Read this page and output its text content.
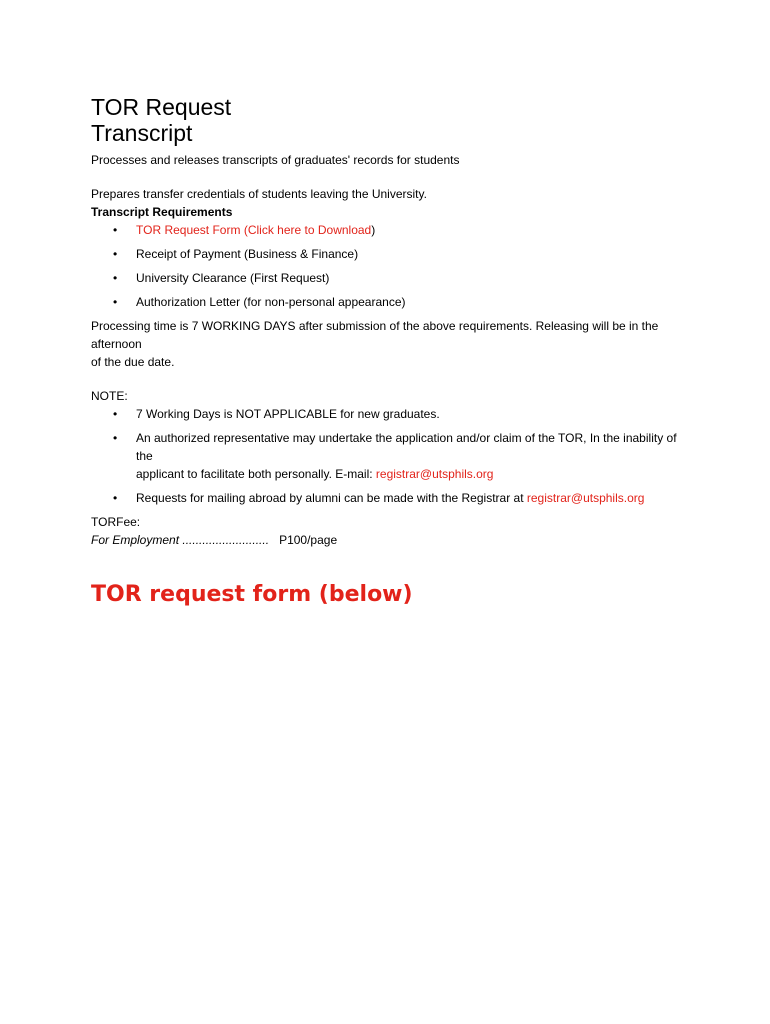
TOR Request
Transcript

Processes and releases transcripts of graduates' records for students

Prepares transfer credentials of students leaving the University.

Transcript Requirements

• TOR Request Form (Click here to Download)
• Receipt of Payment (Business & Finance)
• University Clearance (First Request)
• Authorization Letter (for non-personal appearance)

Processing time is 7 WORKING DAYS after submission of the above requirements. Releasing will be in the afternoon
of the due date.

NOTE:

• 7 Working Days is NOT APPLICABLE for new graduates.
• An authorized representative may undertake the application and/or claim of the TOR, In the inability of the
applicant to facilitate both personally. E-mail: registrar@utsphils.org
• Requests for mailing abroad by alumni can be made with the Registrar at registrar@utsphils.org

TORFee:

For Employment .......................... P100/page

TOR request form (below)
